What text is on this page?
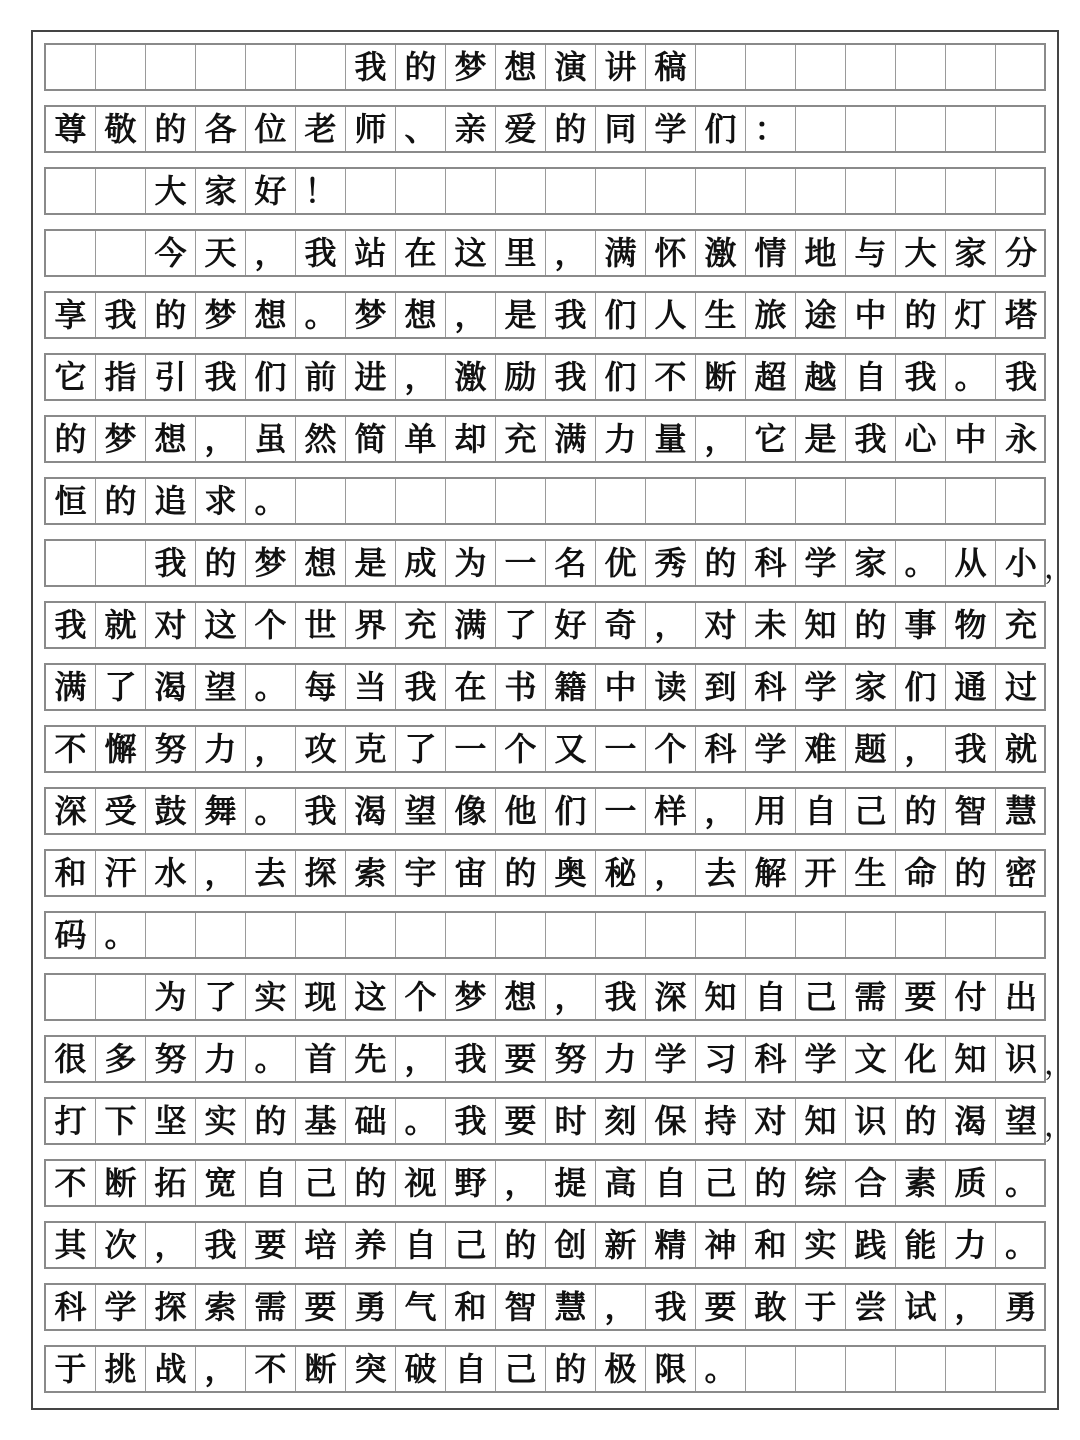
我 的 梦 想 演 讲 稿
尊 敬 的 各 位 老 师 、 亲 爱 的 同 学 们 ：
大 家 好 ！
今 天 ， 我 站 在 这 里 ， 满 怀 激 情 地 与 大 家 分
享 我 的 梦 想 。 梦 想 ， 是 我 们 人 生 旅 途 中 的 灯 塔
它 指 引 我 们 前 进 ， 激 励 我 们 不 断 超 越 自 我 。 我
的 梦 想 ， 虽 然 简 单 却 充 满 力 量 ， 它 是 我 心 中 永
恒 的 追 求 。
我 的 梦 想 是 成 为 一 名 优 秀 的 科 学 家 。 从 小
我 就 对 这 个 世 界 充 满 了 好 奇 ， 对 未 知 的 事 物 充
满 了 渴 望 。 每 当 我 在 书 籍 中 读 到 科 学 家 们 通 过
不 懈 努 力 ， 攻 克 了 一 个 又 一 个 科 学 难 题 ， 我 就
深 受 鼓 舞 。 我 渴 望 像 他 们 一 样 ， 用 自 己 的 智 慧
和 汗 水 ， 去 探 索 宇 宙 的 奥 秘 ， 去 解 开 生 命 的 密
码 。
为 了 实 现 这 个 梦 想 ， 我 深 知 自 己 需 要 付 出
很 多 努 力 。 首 先 ， 我 要 努 力 学 习 科 学 文 化 知 识
打 下 坚 实 的 基 础 。 我 要 时 刻 保 持 对 知 识 的 渴 望
不 断 拓 宽 自 己 的 视 野 ， 提 高 自 己 的 综 合 素 质 。
其 次 ， 我 要 培 养 自 己 的 创 新 精 神 和 实 践 能 力 。
科 学 探 索 需 要 勇 气 和 智 慧 ， 我 要 敢 于 尝 试 ， 勇
于 挑 战 ， 不 断 突 破 自 己 的 极 限 。
，
，
，
